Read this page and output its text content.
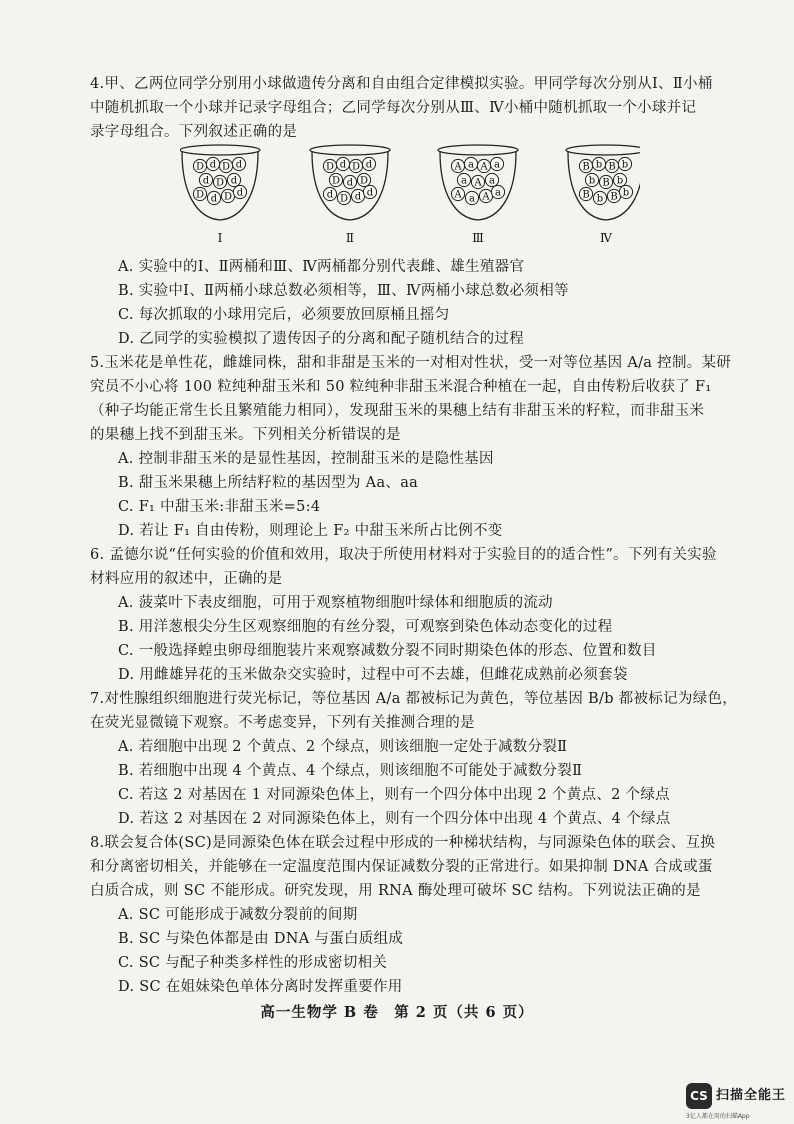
4.甲、乙两位同学分别用小球做遗传分离和自由组合定律模拟实验。甲同学每次分别从Ⅰ、Ⅱ小桶
中随机抓取一个小球并记录字母组合；乙同学每次分别从Ⅲ、Ⅳ小桶中随机抓取一个小球并记
录字母组合。下列叙述正确的是
D d D d
d D d
D d D d
Ⅰ
D d D d
D d D
d D d d
Ⅱ
A a A a
a A a
A a A a
Ⅲ
B b B b
b B b
B b B b
Ⅳ
A. 实验中的Ⅰ、Ⅱ两桶和Ⅲ、Ⅳ两桶都分别代表雌、雄生殖器官
B. 实验中Ⅰ、Ⅱ两桶小球总数必须相等，Ⅲ、Ⅳ两桶小球总数必须相等
C. 每次抓取的小球用完后，必须要放回原桶且摇匀
D. 乙同学的实验模拟了遗传因子的分离和配子随机结合的过程
5.玉米花是单性花，雌雄同株，甜和非甜是玉米的一对相对性状，受一对等位基因 A/a 控制。某研
究员不小心将 100 粒纯种甜玉米和 50 粒纯种非甜玉米混合种植在一起，自由传粉后收获了 F₁
（种子均能正常生长且繁殖能力相同），发现甜玉米的果穗上结有非甜玉米的籽粒，而非甜玉米
的果穗上找不到甜玉米。下列相关分析错误的是
A. 控制非甜玉米的是显性基因，控制甜玉米的是隐性基因
B. 甜玉米果穗上所结籽粒的基因型为 Aa、aa
C. F₁ 中甜玉米:非甜玉米=5:4
D. 若让 F₁ 自由传粉，则理论上 F₂ 中甜玉米所占比例不变
6. 孟德尔说“任何实验的价值和效用，取决于所使用材料对于实验目的的适合性”。下列有关实验
材料应用的叙述中，正确的是
A. 菠菜叶下表皮细胞，可用于观察植物细胞叶绿体和细胞质的流动
B. 用洋葱根尖分生区观察细胞的有丝分裂，可观察到染色体动态变化的过程
C. 一般选择蝗虫卵母细胞装片来观察减数分裂不同时期染色体的形态、位置和数目
D. 用雌雄异花的玉米做杂交实验时，过程中可不去雄，但雌花成熟前必须套袋
7.对性腺组织细胞进行荧光标记，等位基因 A/a 都被标记为黄色，等位基因 B/b 都被标记为绿色，
在荧光显微镜下观察。不考虑变异，下列有关推测合理的是
A. 若细胞中出现 2 个黄点、2 个绿点，则该细胞一定处于减数分裂Ⅱ
B. 若细胞中出现 4 个黄点、4 个绿点，则该细胞不可能处于减数分裂Ⅱ
C. 若这 2 对基因在 1 对同源染色体上，则有一个四分体中出现 2 个黄点、2 个绿点
D. 若这 2 对基因在 2 对同源染色体上，则有一个四分体中出现 4 个黄点、4 个绿点
8.联会复合体(SC)是同源染色体在联会过程中形成的一种梯状结构，与同源染色体的联会、互换
和分离密切相关，并能够在一定温度范围内保证减数分裂的正常进行。如果抑制 DNA 合成或蛋
白质合成，则 SC 不能形成。研究发现，用 RNA 酶处理可破坏 SC 结构。下列说法正确的是
A. SC 可能形成于减数分裂前的间期
B. SC 与染色体都是由 DNA 与蛋白质组成
C. SC 与配子种类多样性的形成密切相关
D. SC 在姐妹染色单体分离时发挥重要作用
高一生物学 B 卷　第 2 页（共 6 页）
CS 扫描全能王
3亿人都在用的扫描App
